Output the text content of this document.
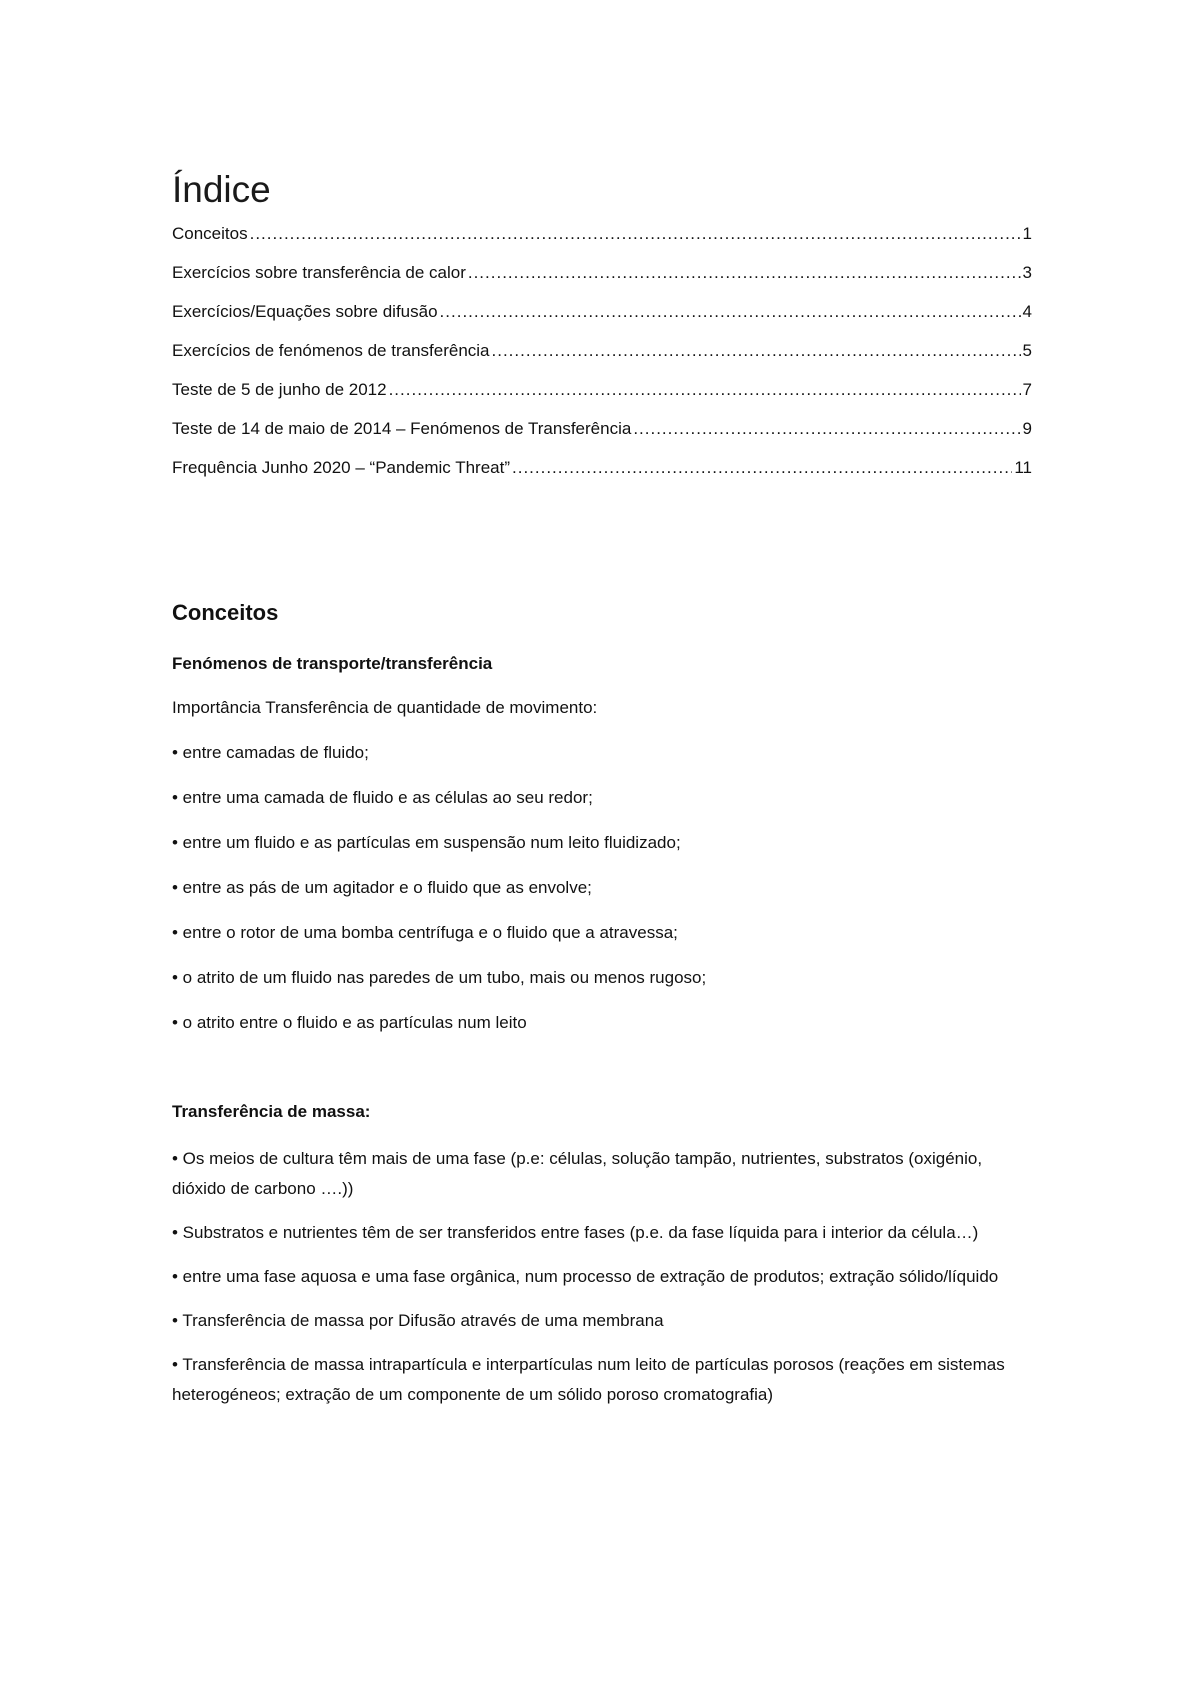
Índice
Conceitos .....	1
Exercícios sobre transferência de calor .....	3
Exercícios/Equações sobre difusão .....	4
Exercícios de fenómenos de transferência .....	5
Teste de 5 de junho de 2012 .....	7
Teste de 14 de maio de 2014 – Fenómenos de Transferência .....	9
Frequência Junho 2020 – “Pandemic Threat” .....	11
Conceitos

Fenómenos de transporte/transferência

Importância Transferência de quantidade de movimento:

• entre camadas de fluido;
• entre uma camada de fluido e as células ao seu redor;
• entre um fluido e as partículas em suspensão num leito fluidizado;
• entre as pás de um agitador e o fluido que as envolve;
• entre o rotor de uma bomba centrífuga e o fluido que a atravessa;
• o atrito de um fluido nas paredes de um tubo, mais ou menos rugoso;
• o atrito entre o fluido e as partículas num leito

Transferência de massa:

• Os meios de cultura têm mais de uma fase (p.e: células, solução tampão, nutrientes, substratos (oxigénio, dióxido de carbono ….))
• Substratos e nutrientes têm de ser transferidos entre fases (p.e. da fase líquida para i interior da célula…)
• entre uma fase aquosa e uma fase orgânica, num processo de extração de produtos; extração sólido/líquido
• Transferência de massa por Difusão através de uma membrana
• Transferência de massa intrapartícula e interpartículas num leito de partículas porosos (reações em sistemas heterogéneos; extração de um componente de um sólido poroso cromatografia)
